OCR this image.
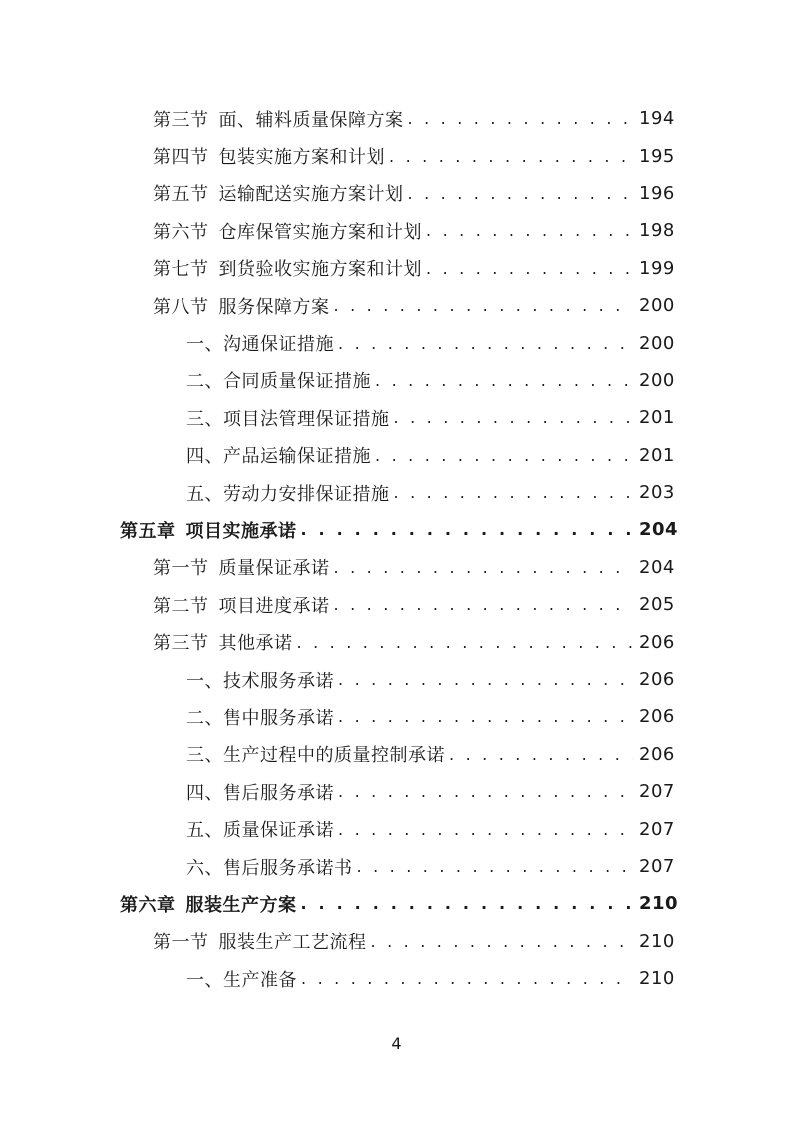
第三节 面、辅料质量保障方案 . . .	194
第四节 包装实施方案和计划 . . .	195
第五节 运输配送实施方案计划 . . .	196
第六节 仓库保管实施方案和计划 . . .	198
第七节 到货验收实施方案和计划 . . .	199
第八节 服务保障方案 . . .	200
一、沟通保证措施 . . .	200
二、合同质量保证措施 . . .	200
三、项目法管理保证措施 . . .	201
四、产品运输保证措施 . . .	201
五、劳动力安排保证措施 . . .	203
第五章 项目实施承诺 . . .	204
第一节 质量保证承诺 . . .	204
第二节 项目进度承诺 . . .	205
第三节 其他承诺 . . .	206
一、技术服务承诺 . . .	206
二、售中服务承诺 . . .	206
三、生产过程中的质量控制承诺 . . .	206
四、售后服务承诺 . . .	207
五、质量保证承诺 . . .	207
六、售后服务承诺书 . . .	207
第六章 服装生产方案 . . .	210
第一节 服装生产工艺流程 . . .	210
一、生产准备 . . .	210
4
